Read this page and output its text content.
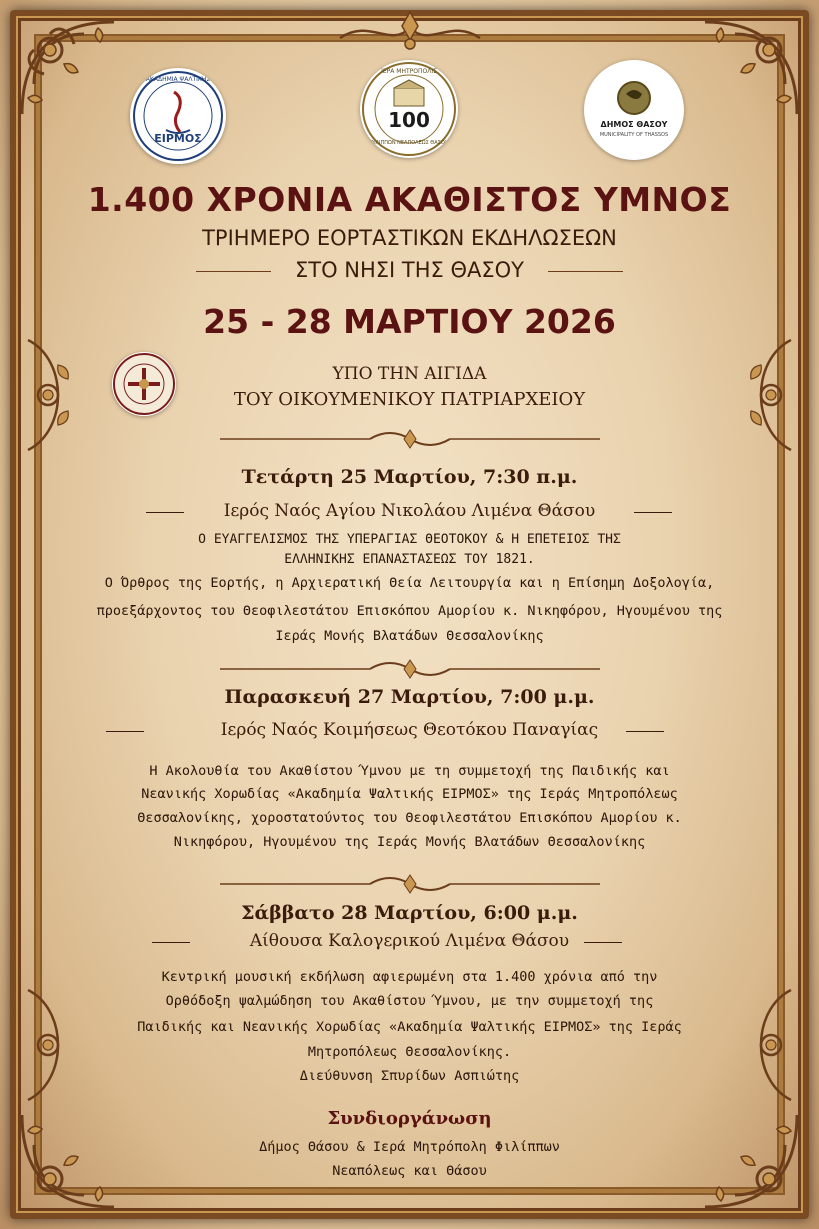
ΕΙΡΜΟΣ
ΑΚΑΔΗΜΙΑ ΨΑΛΤΙΚΗΣ
ΙΕΡΑ ΜΗΤΡΟΠΟΛΙΣ
100
ΦΙΛΙΠΠΩΝ ΝΕΑΠΟΛΕΩΣ ΘΑΣΟΥ
ΔΗΜΟΣ ΘΑΣΟΥ
MUNICIPALITY OF THASSOS
1.400 ΧΡΟΝΙΑ ΑΚΑΘΙΣΤΟΣ ΥΜΝΟΣ
ΤΡΙΗΜΕΡΟ ΕΟΡΤΑΣΤΙΚΩΝ ΕΚΔΗΛΩΣΕΩΝ
ΣΤΟ ΝΗΣΙ ΤΗΣ ΘΑΣΟΥ
25 - 28 ΜΑΡΤΙΟΥ 2026
ΥΠΟ ΤΗΝ ΑΙΓΙΔΑ
ΤΟΥ ΟΙΚΟΥΜΕΝΙΚΟΥ ΠΑΤΡΙΑΡΧΕΙΟΥ
Τετάρτη 25 Μαρτίου, 7:30 π.μ.
Ιερός Ναός Αγίου Νικολάου Λιμένα Θάσου
Ο ΕΥΑΓΓΕΛΙΣΜΟΣ ΤΗΣ ΥΠΕΡΑΓΙΑΣ ΘΕΟΤΟΚΟΥ & Η ΕΠΕΤΕΙΟΣ ΤΗΣ
ΕΛΛΗΝΙΚΗΣ ΕΠΑΝΑΣΤΑΣΕΩΣ ΤΟΥ 1821.
Ο Όρθρος της Εορτής, η Αρχιερατική Θεία Λειτουργία και η Επίσημη Δοξολογία,
προεξάρχοντος του Θεοφιλεστάτου Επισκόπου Αμορίου κ. Νικηφόρου, Ηγουμένου της
Ιεράς Μονής Βλατάδων Θεσσαλονίκης
Παρασκευή 27 Μαρτίου, 7:00 μ.μ.
Ιερός Ναός Κοιμήσεως Θεοτόκου Παναγίας
Η Ακολουθία του Ακαθίστου Ύμνου με τη συμμετοχή της Παιδικής και
Νεανικής Χορωδίας «Ακαδημία Ψαλτικής ΕΙΡΜΟΣ» της Ιεράς Μητροπόλεως
Θεσσαλονίκης, χοροστατούντος του Θεοφιλεστάτου Επισκόπου Αμορίου κ.
Νικηφόρου, Ηγουμένου της Ιεράς Μονής Βλατάδων Θεσσαλονίκης
Σάββατο 28 Μαρτίου, 6:00 μ.μ.
Αίθουσα Καλογερικού Λιμένα Θάσου
Κεντρική μουσική εκδήλωση αφιερωμένη στα 1.400 χρόνια από την
Ορθόδοξη ψαλμώδηση του Ακαθίστου Ύμνου, με την συμμετοχή της
Παιδικής και Νεανικής Χορωδίας «Ακαδημία Ψαλτικής ΕΙΡΜΟΣ» της Ιεράς
Μητροπόλεως Θεσσαλονίκης.
Διεύθυνση Σπυρίδων Ασπιώτης
Συνδιοργάνωση
Δήμος Θάσου & Ιερά Μητρόπολη Φιλίππων
Νεαπόλεως και Θάσου
